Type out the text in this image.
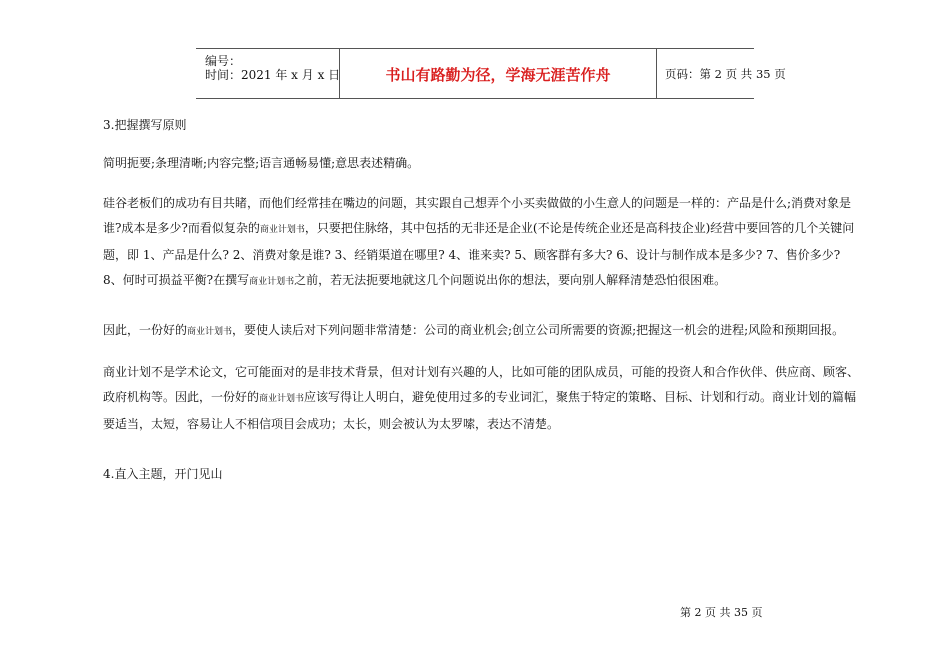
编号：
时间：2021 年 x 月 x 日	书山有路勤为径，学海无涯苦作舟	页码：第 2 页 共 35 页
3.把握撰写原则
简明扼要;条理清晰;内容完整;语言通畅易懂;意思表述精确。
硅谷老板们的成功有目共睹，而他们经常挂在嘴边的问题，其实跟自己想弄个小买卖做做的小生意人的问题是一样的：产品是什么;消费对象是谁?成本是多少?而看似复杂的商业计划书，只要把住脉络，其中包括的无非还是企业(不论是传统企业还是高科技企业)经营中要回答的几个关键问题，即 1、产品是什么? 2、消费对象是谁? 3、经销渠道在哪里? 4、谁来卖? 5、顾客群有多大? 6、设计与制作成本是多少? 7、售价多少? 8、何时可损益平衡?在撰写商业计划书之前，若无法扼要地就这几个问题说出你的想法，要向别人解释清楚恐怕很困难。
因此，一份好的商业计划书，要使人读后对下列问题非常清楚：公司的商业机会;创立公司所需要的资源;把握这一机会的进程;风险和预期回报。
商业计划不是学术论文，它可能面对的是非技术背景，但对计划有兴趣的人，比如可能的团队成员，可能的投资人和合作伙伴、供应商、顾客、政府机构等。因此，一份好的商业计划书应该写得让人明白，避免使用过多的专业词汇，聚焦于特定的策略、目标、计划和行动。商业计划的篇幅要适当，太短，容易让人不相信项目会成功；太长，则会被认为太罗嗦，表达不清楚。
4.直入主题，开门见山
第 2 页 共 35 页
